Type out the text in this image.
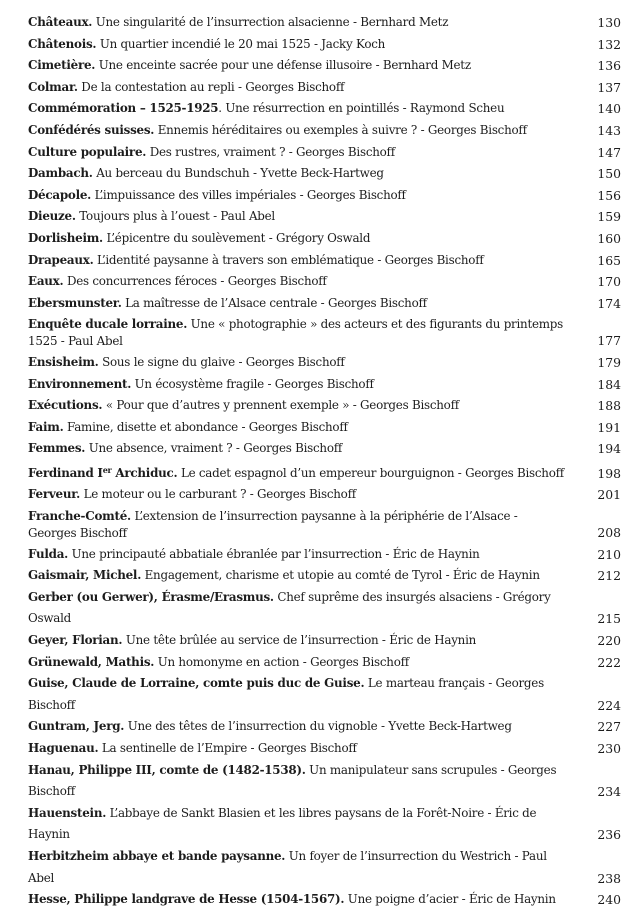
Châteaux. Une singularité de l’insurrection alsacienne - Bernhard Metz	130
Châtenois. Un quartier incendié le 20 mai 1525 - Jacky Koch	132
Cimetière. Une enceinte sacrée pour une défense illusoire - Bernhard Metz	136
Colmar. De la contestation au repli - Georges Bischoff	137
Commémoration – 1525-1925. Une résurrection en pointillés - Raymond Scheu	140
Confédérés suisses. Ennemis héréditaires ou exemples à suivre ? - Georges Bischoff	143
Culture populaire. Des rustres, vraiment ? - Georges Bischoff	147
Dambach. Au berceau du Bundschuh - Yvette Beck-Hartweg	150
Décapole. L’impuissance des villes impériales - Georges Bischoff	156
Dieuze. Toujours plus à l’ouest - Paul Abel	159
Dorlisheim. L’épicentre du soulèvement - Grégory Oswald	160
Drapeaux. L’identité paysanne à travers son emblématique - Georges Bischoff	165
Eaux. Des concurrences féroces - Georges Bischoff	170
Ebersmunster. La maîtresse de l’Alsace centrale - Georges Bischoff	174
Enquête ducale lorraine. Une « photographie » des acteurs et des figurants du printemps 1525 - Paul Abel	177
Ensisheim. Sous le signe du glaive - Georges Bischoff	179
Environnement. Un écosystème fragile - Georges Bischoff	184
Exécutions. « Pour que d’autres y prennent exemple » - Georges Bischoff	188
Faim. Famine, disette et abondance - Georges Bischoff	191
Femmes. Une absence, vraiment ? - Georges Bischoff	194
Ferdinand Ier Archiduc. Le cadet espagnol d’un empereur bourguignon - Georges Bischoff	198
Ferveur. Le moteur ou le carburant ? - Georges Bischoff	201
Franche-Comté. L’extension de l’insurrection paysanne à la périphérie de l’Alsace - Georges Bischoff	208
Fulda. Une principauté abbatiale ébranlée par l’insurrection - Éric de Haynin	210
Gaismair, Michel. Engagement, charisme et utopie au comté de Tyrol - Éric de Haynin	212
Gerber (ou Gerwer), Érasme/Erasmus. Chef suprême des insurgés alsaciens - Grégory Oswald	215
Geyer, Florian. Une tête brûlée au service de l’insurrection - Éric de Haynin	220
Grünewald, Mathis. Un homonyme en action - Georges Bischoff	222
Guise, Claude de Lorraine, comte puis duc de Guise. Le marteau français - Georges Bischoff	224
Guntram, Jerg. Une des têtes de l’insurrection du vignoble - Yvette Beck-Hartweg	227
Haguenau. La sentinelle de l’Empire - Georges Bischoff	230
Hanau, Philippe III, comte de (1482-1538). Un manipulateur sans scrupules - Georges Bischoff	234
Hauenstein. L’abbaye de Sankt Blasien et les libres paysans de la Forêt-Noire - Éric de Haynin	236
Herbitzheim abbaye et bande paysanne. Un foyer de l’insurrection du Westrich - Paul Abel	238
Hesse, Philippe landgrave de Hesse (1504-1567). Une poigne d’acier - Éric de Haynin	240
